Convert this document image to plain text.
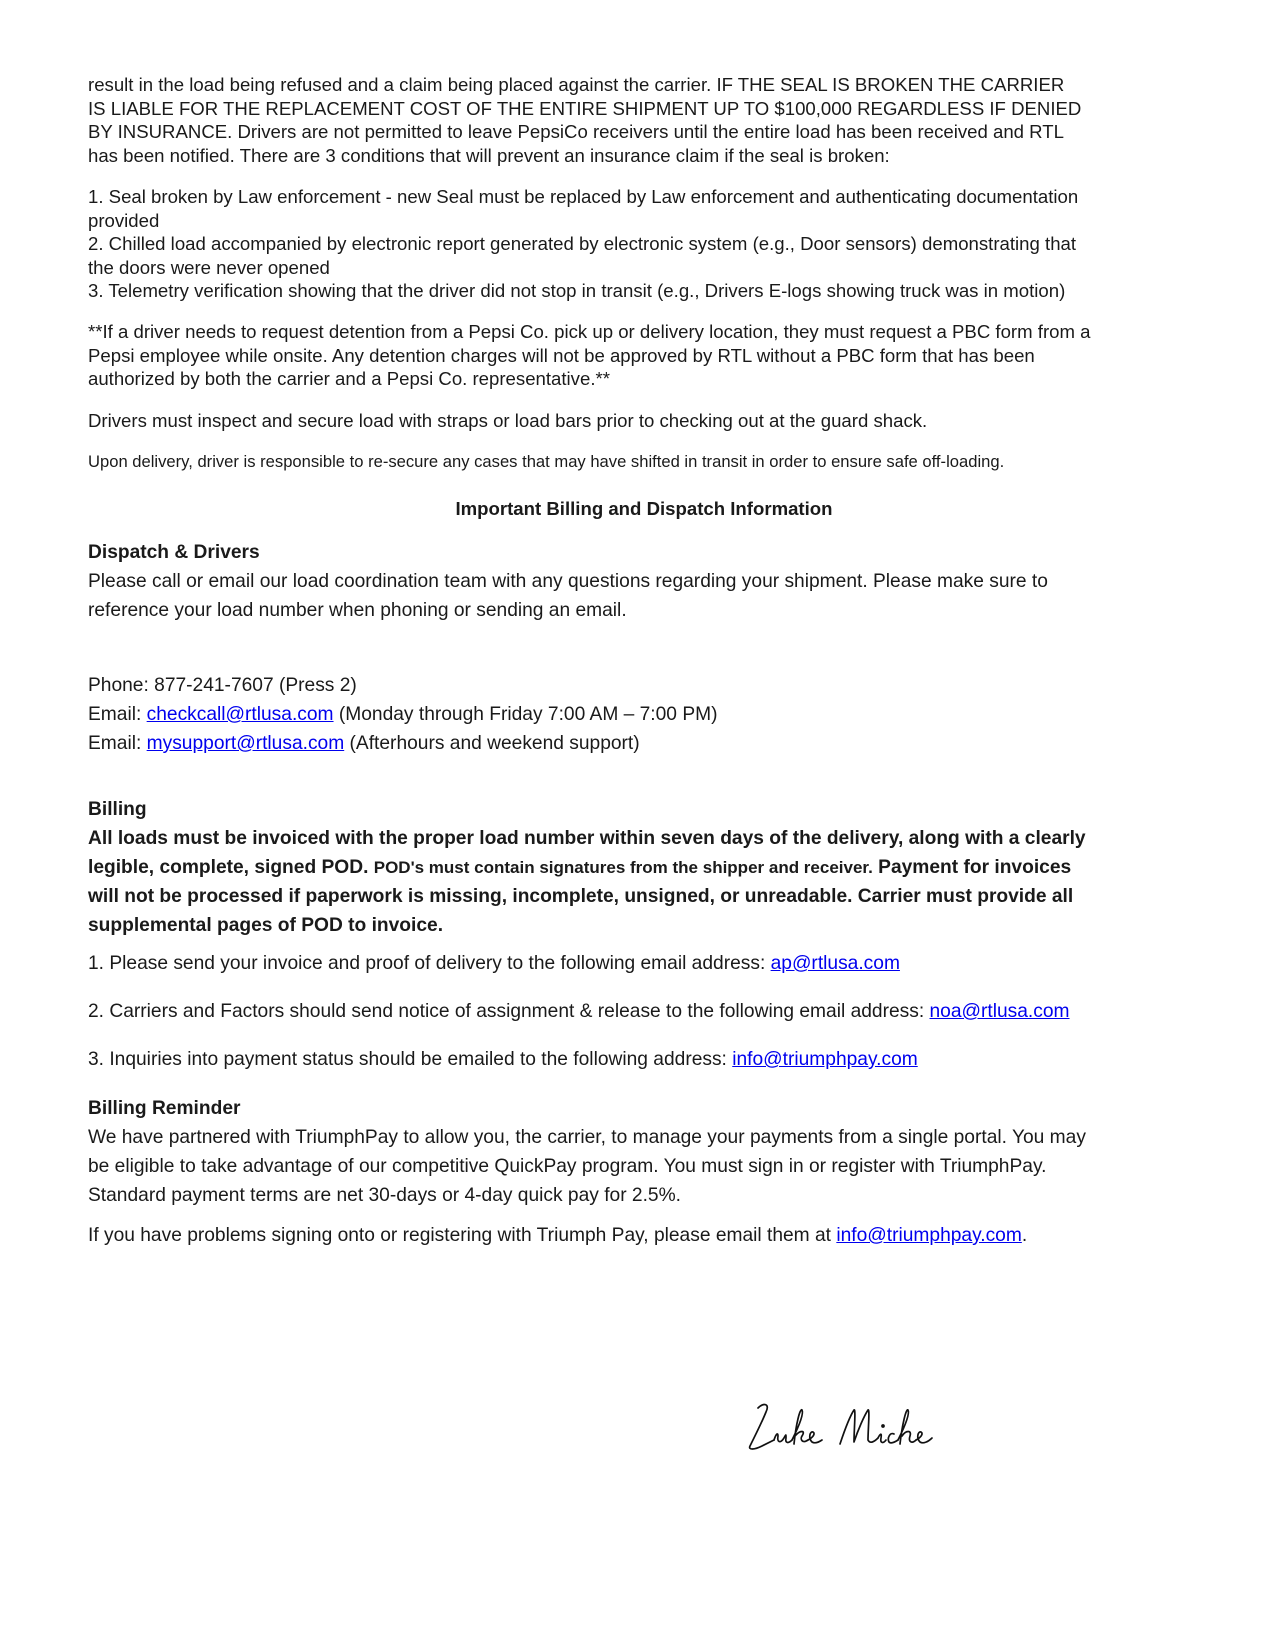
result in the load being refused and a claim being placed against the carrier. IF THE SEAL IS BROKEN THE CARRIER
IS LIABLE FOR THE REPLACEMENT COST OF THE ENTIRE SHIPMENT UP TO $100,000 REGARDLESS IF DENIED
BY INSURANCE. Drivers are not permitted to leave PepsiCo receivers until the entire load has been received and RTL
has been notified. There are 3 conditions that will prevent an insurance claim if the seal is broken:
1. Seal broken by Law enforcement - new Seal must be replaced by Law enforcement and authenticating documentation
provided
2. Chilled load accompanied by electronic report generated by electronic system (e.g., Door sensors) demonstrating that
the doors were never opened
3. Telemetry verification showing that the driver did not stop in transit (e.g., Drivers E-logs showing truck was in motion)
**If a driver needs to request detention from a Pepsi Co. pick up or delivery location, they must request a PBC form from a
Pepsi employee while onsite. Any detention charges will not be approved by RTL without a PBC form that has been
authorized by both the carrier and a Pepsi Co. representative.**
Drivers must inspect and secure load with straps or load bars prior to checking out at the guard shack.
Upon delivery, driver is responsible to re-secure any cases that may have shifted in transit in order to ensure safe off-loading.
Important Billing and Dispatch Information
Dispatch & Drivers
Please call or email our load coordination team with any questions regarding your shipment. Please make sure to
reference your load number when phoning or sending an email.
Phone: 877-241-7607 (Press 2)
Email: checkcall@rtlusa.com (Monday through Friday 7:00 AM – 7:00 PM)
Email: mysupport@rtlusa.com (Afterhours and weekend support)
Billing
All loads must be invoiced with the proper load number within seven days of the delivery, along with a clearly
legible, complete, signed POD. POD's must contain signatures from the shipper and receiver. Payment for invoices
will not be processed if paperwork is missing, incomplete, unsigned, or unreadable. Carrier must provide all
supplemental pages of POD to invoice.
1. Please send your invoice and proof of delivery to the following email address: ap@rtlusa.com
2. Carriers and Factors should send notice of assignment & release to the following email address: noa@rtlusa.com
3. Inquiries into payment status should be emailed to the following address: info@triumphpay.com
Billing Reminder
We have partnered with TriumphPay to allow you, the carrier, to manage your payments from a single portal. You may
be eligible to take advantage of our competitive QuickPay program. You must sign in or register with TriumphPay.
Standard payment terms are net 30-days or 4-day quick pay for 2.5%.
If you have problems signing onto or registering with Triumph Pay, please email them at info@triumphpay.com.
